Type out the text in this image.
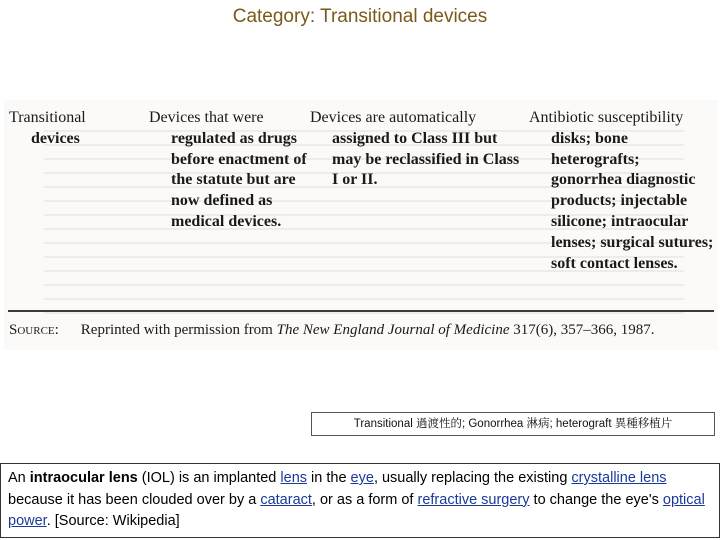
Category: Transitional devices

Transitional
devices

Devices that were
regulated as drugs before enactment of the statute but are now defined as medical devices.

Devices are automatically
assigned to Class III but may be reclassified in Class I or II.

Antibiotic susceptibility
disks; bone heterografts; gonorrhea diagnostic products; injectable silicone; intraocular lenses; surgical sutures; soft contact lenses.

Source: Reprinted with permission from The New England Journal of Medicine 317(6), 357–366, 1987.
Transitional 過渡性的; Gonorrhea 淋病; heterograft 異種移植片
An intraocular lens (IOL) is an implanted lens in the eye, usually replacing the existing crystalline lens because it has been clouded over by a cataract, or as a form of refractive surgery to change the eye's optical power. [Source: Wikipedia]
